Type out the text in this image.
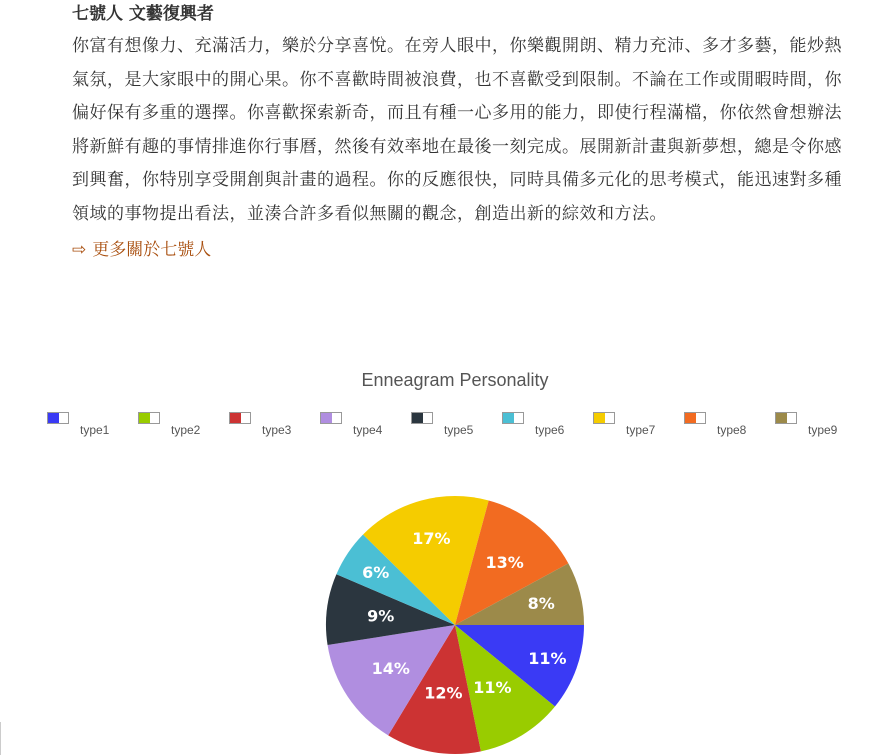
七號人 文藝復興者

你富有想像力、充滿活力，樂於分享喜悅。在旁人眼中，你樂觀開朗、精力充沛、多才多藝，能炒熱氣氛，是大家眼中的開心果。你不喜歡時間被浪費，也不喜歡受到限制。不論在工作或閒暇時間，你偏好保有多重的選擇。你喜歡探索新奇，而且有種一心多用的能力，即使行程滿檔，你依然會想辦法將新鮮有趣的事情排進你行事曆，然後有效率地在最後一刻完成。展開新計畫與新夢想，總是令你感到興奮，你特別享受開創與計畫的過程。你的反應很快，同時具備多元化的思考模式，能迅速對多種領域的事物提出看法，並湊合許多看似無關的觀念，創造出新的綜效和方法。

⇨ 更多關於七號人
Enneagram Personality
type1	type2	type3	type4	type5	type6	type7	type8	type9
11%
11%
12%
14%
9%
6%
17%
13%
8%
